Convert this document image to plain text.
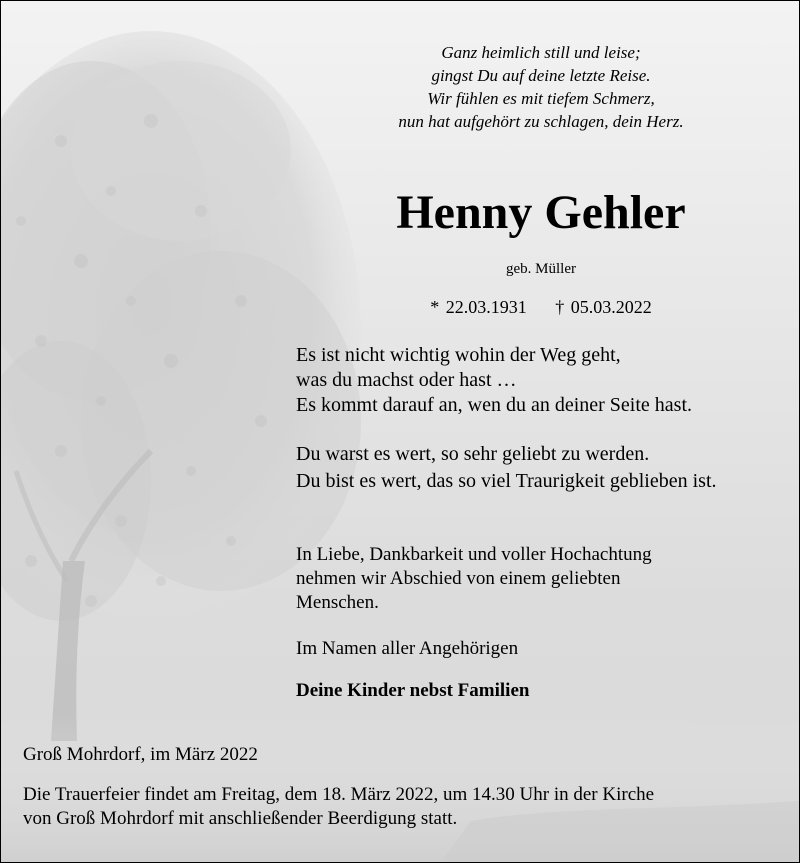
Ganz heimlich still und leise;
gingst Du auf deine letzte Reise.
Wir fühlen es mit tiefem Schmerz,
nun hat aufgehört zu schlagen, dein Herz.
Henny Gehler
geb. Müller
* 22.03.1931 † 05.03.2022
Es ist nicht wichtig wohin der Weg geht,
was du machst oder hast …
Es kommt darauf an, wen du an deiner Seite hast.
Du warst es wert, so sehr geliebt zu werden.
Du bist es wert, das so viel Traurigkeit geblieben ist.
In Liebe, Dankbarkeit und voller Hochachtung
nehmen wir Abschied von einem geliebten
Menschen.
Im Namen aller Angehörigen
Deine Kinder nebst Familien
Groß Mohrdorf, im März 2022
Die Trauerfeier findet am Freitag, dem 18. März 2022, um 14.30 Uhr in der Kirche
von Groß Mohrdorf mit anschließender Beerdigung statt.
